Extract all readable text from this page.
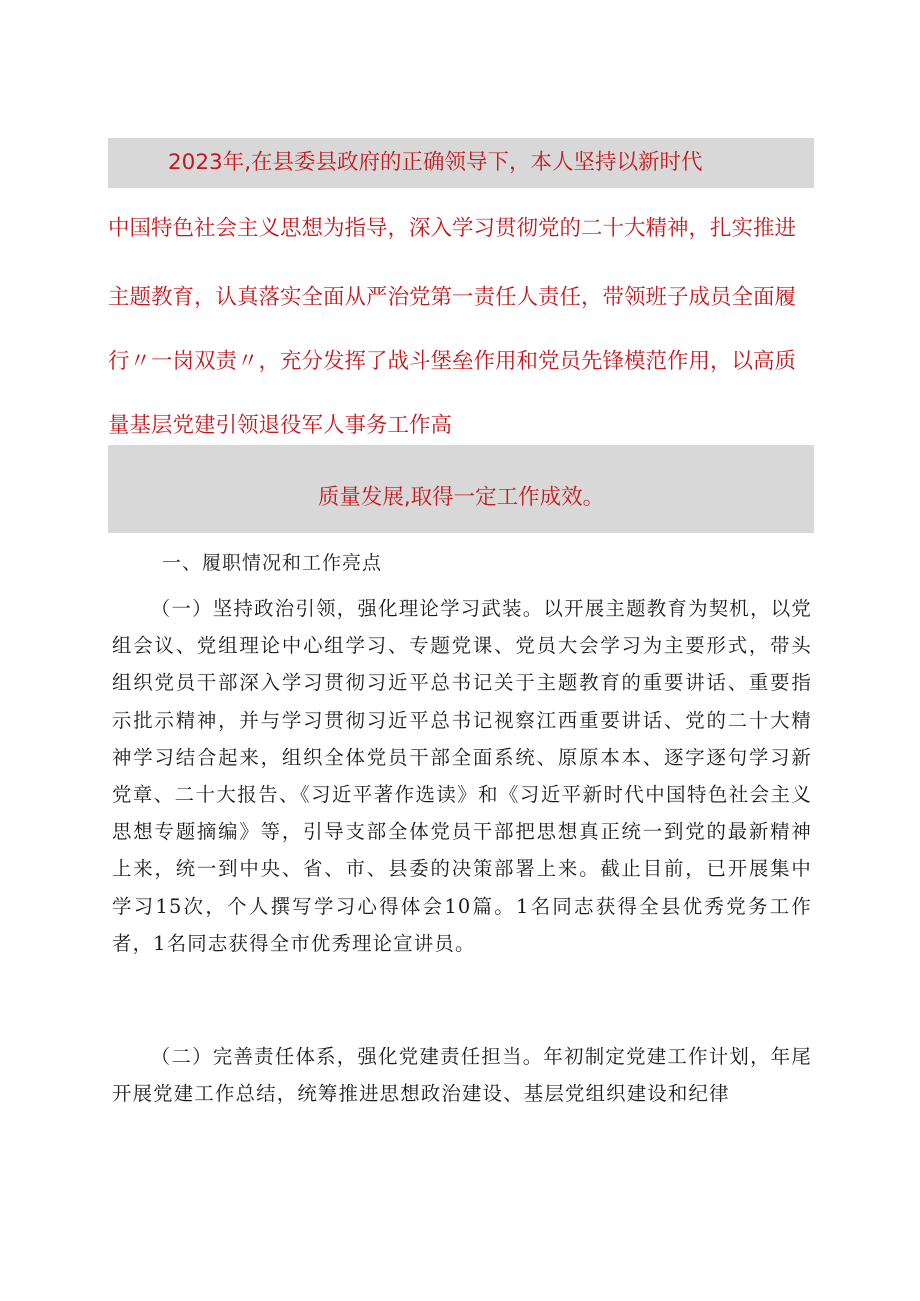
2023年,在县委县政府的正确领导下，本人坚持以新时代
中国特色社会主义思想为指导，深入学习贯彻党的二十大精神，扎实推进
主题教育，认真落实全面从严治党第一责任人责任，带领班子成员全面履
行〃一岗双责〃，充分发挥了战斗堡垒作用和党员先锋模范作用，以高质
量基层党建引领退役军人事务工作高
质量发展,取得一定工作成效。
一、履职情况和工作亮点

（一）坚持政治引领，强化理论学习武装。以开展主题教育为契机，以党组会议、党组理论中心组学习、专题党课、党员大会学习为主要形式，带头组织党员干部深入学习贯彻习近平总书记关于主题教育的重要讲话、重要指示批示精神，并与学习贯彻习近平总书记视察江西重要讲话、党的二十大精神学习结合起来，组织全体党员干部全面系统、原原本本、逐字逐句学习新党章、二十大报告、《习近平著作选读》和《习近平新时代中国特色社会主义思想专题摘编》等，引导支部全体党员干部把思想真正统一到党的最新精神上来，统一到中央、省、市、县委的决策部署上来。截止目前，已开展集中学习15次，个人撰写学习心得体会10篇。1名同志获得全县优秀党务工作者，1名同志获得全市优秀理论宣讲员。

（二）完善责任体系，强化党建责任担当。年初制定党建工作计划，年尾开展党建工作总结，统筹推进思想政治建设、基层党组织建设和纪律
